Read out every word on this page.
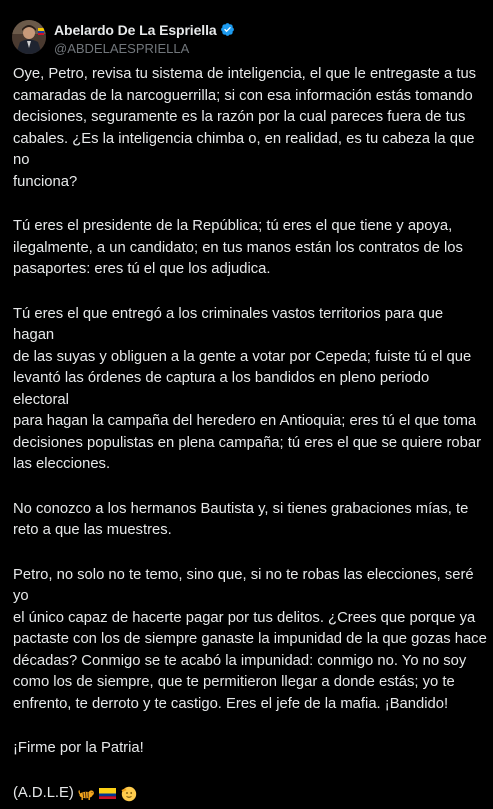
Abelardo De La Espriella
@ABDELAESPRIELLA

Oye, Petro, revisa tu sistema de inteligencia, el que le entregaste a tus
camaradas de la narcoguerrilla; si con esa información estás tomando
decisiones, seguramente es la razón por la cual pareces fuera de tus
cabales. ¿Es la inteligencia chimba o, en realidad, es tu cabeza la que no
funciona?

Tú eres el presidente de la República; tú eres el que tiene y apoya,
ilegalmente, a un candidato; en tus manos están los contratos de los
pasaportes: eres tú el que los adjudica.

Tú eres el que entregó a los criminales vastos territorios para que hagan
de las suyas y obliguen a la gente a votar por Cepeda; fuiste tú el que
levantó las órdenes de captura a los bandidos en pleno periodo electoral
para hagan la campaña del heredero en Antioquia; eres tú el que toma
decisiones populistas en plena campaña; tú eres el que se quiere robar
las elecciones.

No conozco a los hermanos Bautista y, si tienes grabaciones mías, te
reto a que las muestres.

Petro, no solo no te temo, sino que, si no te robas las elecciones, seré yo
el único capaz de hacerte pagar por tus delitos. ¿Crees que porque ya
pactaste con los de siempre ganaste la impunidad de la que gozas hace
décadas? Conmigo se te acabó la impunidad: conmigo no. Yo no soy
como los de siempre, que te permitieron llegar a donde estás; yo te
enfrento, te derroto y te castigo. Eres el jefe de la mafia. ¡Bandido!

¡Firme por la Patria!

(A.D.L.E)
